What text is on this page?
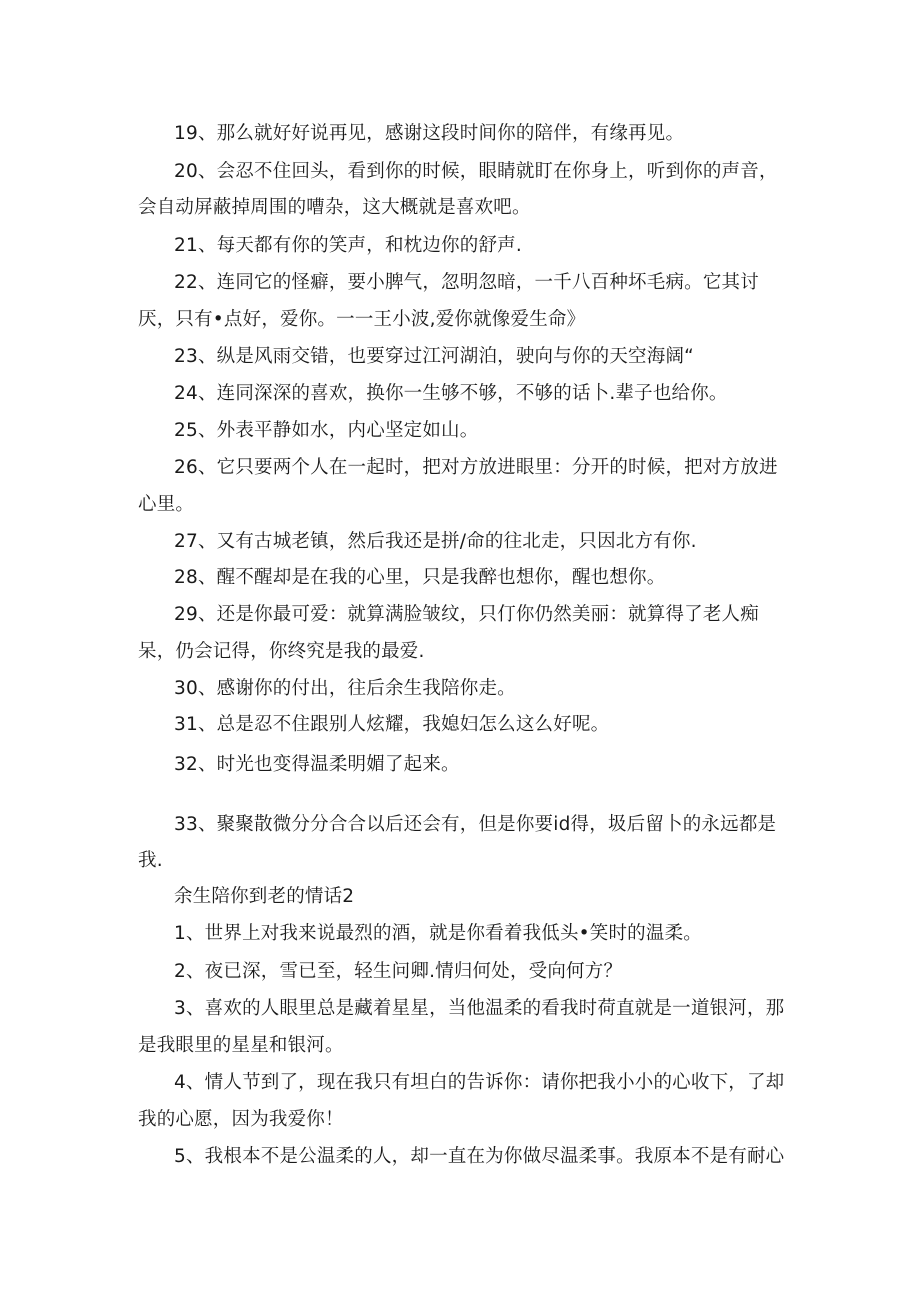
19、那么就好好说再见，感谢这段时间你的陪伴，有缘再见。
20、会忍不住回头，看到你的时候，眼睛就盯在你身上，听到你的声音，
会自动屏蔽掉周围的嘈杂，这大概就是喜欢吧。
21、每天都有你的笑声，和枕边你的舒声.
22、连同它的怪癖，要小脾气，忽明忽暗，一千八百种坏毛病。它其讨
厌，只有•点好，爱你。一一王小波,爱你就像爱生命》
23、纵是风雨交错，也要穿过江河湖泊，驶向与你的天空海阔“
24、连同深深的喜欢，换你一生够不够，不够的话卜.辈子也给你。
25、外表平静如水，内心坚定如山。
26、它只要两个人在一起时，把对方放进眼里：分开的时候，把对方放进
心里。
27、又有古城老镇，然后我还是拼/命的往北走，只因北方有你.
28、醒不醒却是在我的心里，只是我醉也想你，醒也想你。
29、还是你最可爱：就算满脸皱纹，只仃你仍然美丽：就算得了老人痴
呆，仍会记得，你终究是我的最爱.
30、感谢你的付出，往后余生我陪你走。
31、总是忍不住跟别人炫耀，我媳妇怎么这么好呢。
32、时光也变得温柔明媚了起来。
33、聚聚散微分分合合以后还会有，但是你要id得，圾后留卜的永远都是
我.
余生陪你到老的情话2
1、世界上对我来说最烈的酒，就是你看着我低头•笑时的温柔。
2、夜已深，雪已至，轻生问卿.情归何处，受向何方？
3、喜欢的人眼里总是藏着星星，当他温柔的看我时荷直就是一道银河，那
是我眼里的星星和银河。
4、情人节到了，现在我只有坦白的告诉你：请你把我小小的心收下，了却
我的心愿，因为我爱你！
5、我根本不是公温柔的人，却一直在为你做尽温柔事。我原本不是有耐心
